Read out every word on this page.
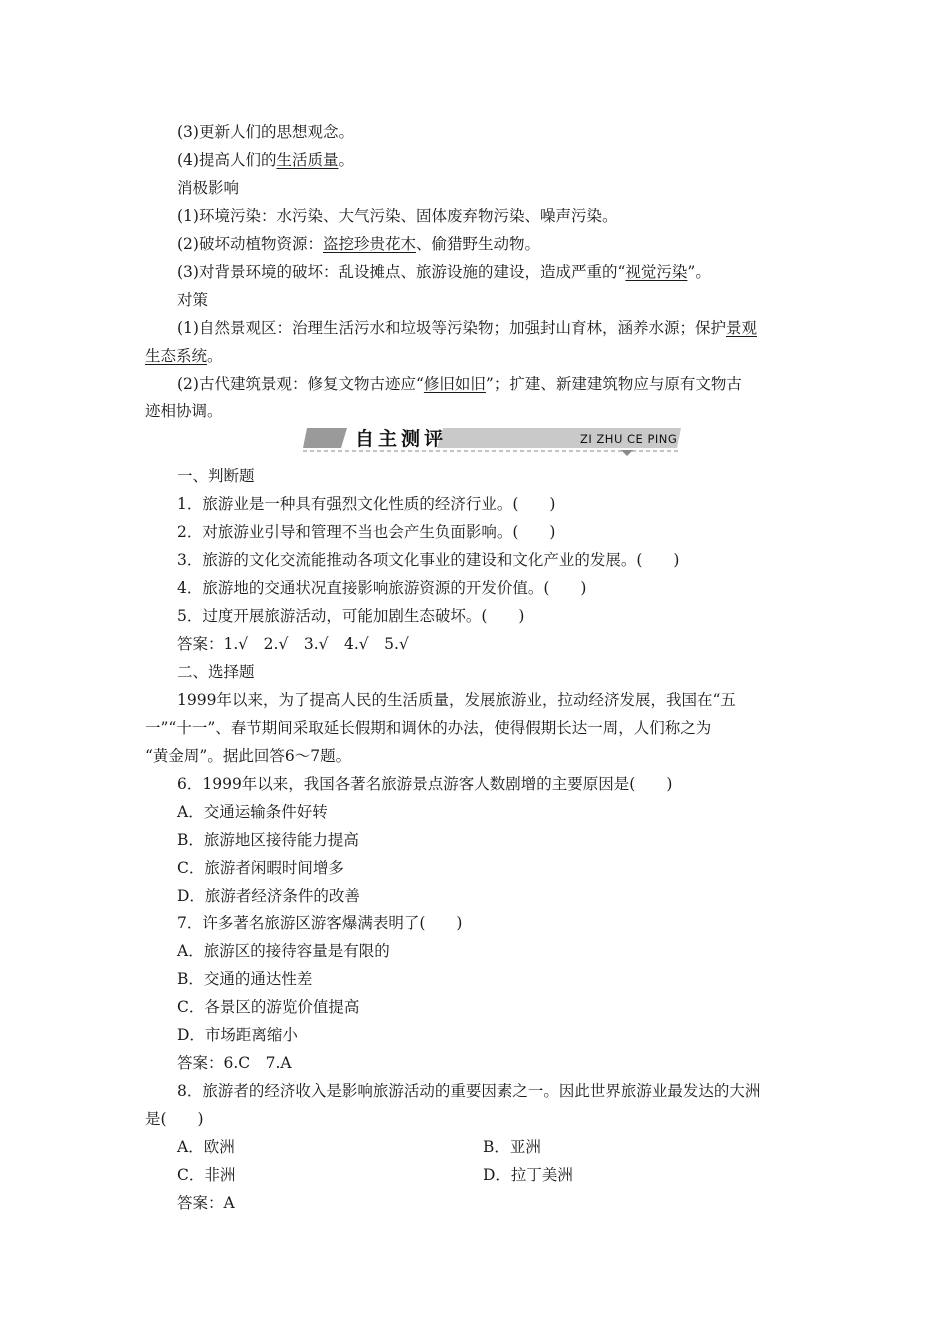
(3)更新人们的思想观念。
(4)提高人们的生活质量。
消极影响
(1)环境污染：水污染、大气污染、固体废弃物污染、噪声污染。
(2)破坏动植物资源：盗挖珍贵花木、偷猎野生动物。
(3)对背景环境的破坏：乱设摊点、旅游设施的建设，造成严重的“视觉污染”。
对策
(1)自然景观区：治理生活污水和垃圾等污染物；加强封山育林，涵养水源；保护景观
生态系统。
(2)古代建筑景观：修复文物古迹应“修旧如旧”；扩建、新建建筑物应与原有文物古
迹相协调。
自主测评	ZI ZHU CE PING
一、判断题
1．旅游业是一种具有强烈文化性质的经济行业。(　　)
2．对旅游业引导和管理不当也会产生负面影响。(　　)
3．旅游的文化交流能推动各项文化事业的建设和文化产业的发展。(　　)
4．旅游地的交通状况直接影响旅游资源的开发价值。(　　)
5．过度开展旅游活动，可能加剧生态破坏。(　　)
答案：1.√　2.√　3.√　4.√　5.√
二、选择题
1999年以来，为了提高人民的生活质量，发展旅游业，拉动经济发展，我国在“五
一”“十一”、春节期间采取延长假期和调休的办法，使得假期长达一周，人们称之为
“黄金周”。据此回答6～7题。
6．1999年以来，我国各著名旅游景点游客人数剧增的主要原因是(　　)
A．交通运输条件好转
B．旅游地区接待能力提高
C．旅游者闲暇时间增多
D．旅游者经济条件的改善
7．许多著名旅游区游客爆满表明了(　　)
A．旅游区的接待容量是有限的
B．交通的通达性差
C．各景区的游览价值提高
D．市场距离缩小
答案：6.C　7.A
8．旅游者的经济收入是影响旅游活动的重要因素之一。因此世界旅游业最发达的大洲
是(　　)
A．欧洲	B．亚洲
C．非洲	D．拉丁美洲
答案：A
